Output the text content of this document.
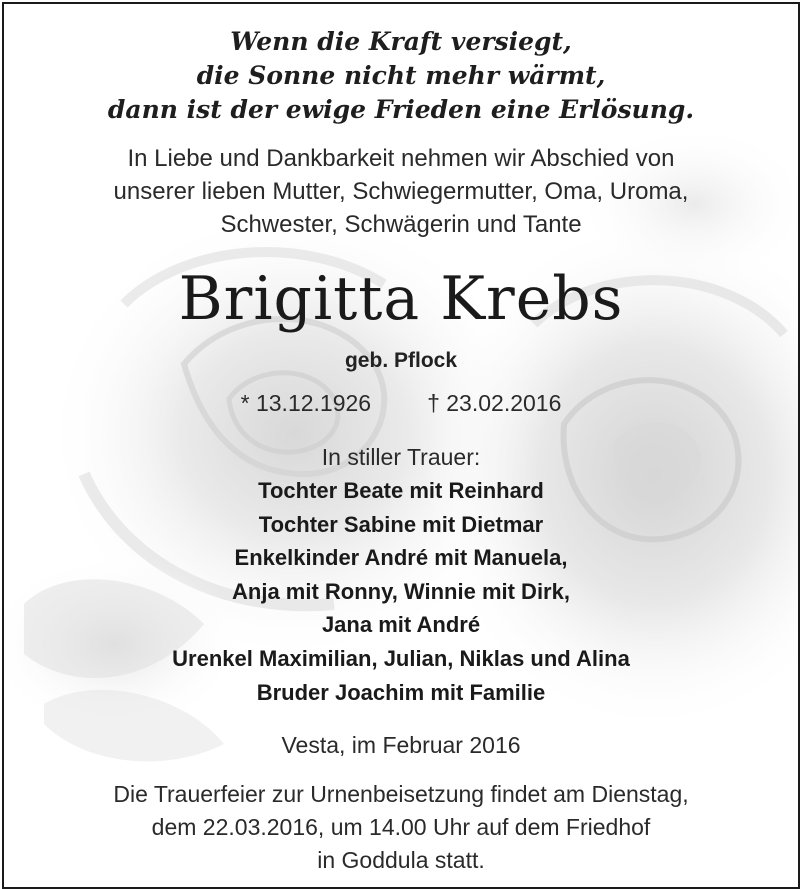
Wenn die Kraft versiegt,
die Sonne nicht mehr wärmt,
dann ist der ewige Frieden eine Erlösung.
In Liebe und Dankbarkeit nehmen wir Abschied von
unserer lieben Mutter, Schwiegermutter, Oma, Uroma,
Schwester, Schwägerin und Tante
Brigitta Krebs
geb. Pflock
* 13.12.1926 † 23.02.2016
In stiller Trauer:
Tochter Beate mit Reinhard
Tochter Sabine mit Dietmar
Enkelkinder André mit Manuela,
Anja mit Ronny, Winnie mit Dirk,
Jana mit André
Urenkel Maximilian, Julian, Niklas und Alina
Bruder Joachim mit Familie
Vesta, im Februar 2016
Die Trauerfeier zur Urnenbeisetzung findet am Dienstag,
dem 22.03.2016, um 14.00 Uhr auf dem Friedhof
in Goddula statt.
